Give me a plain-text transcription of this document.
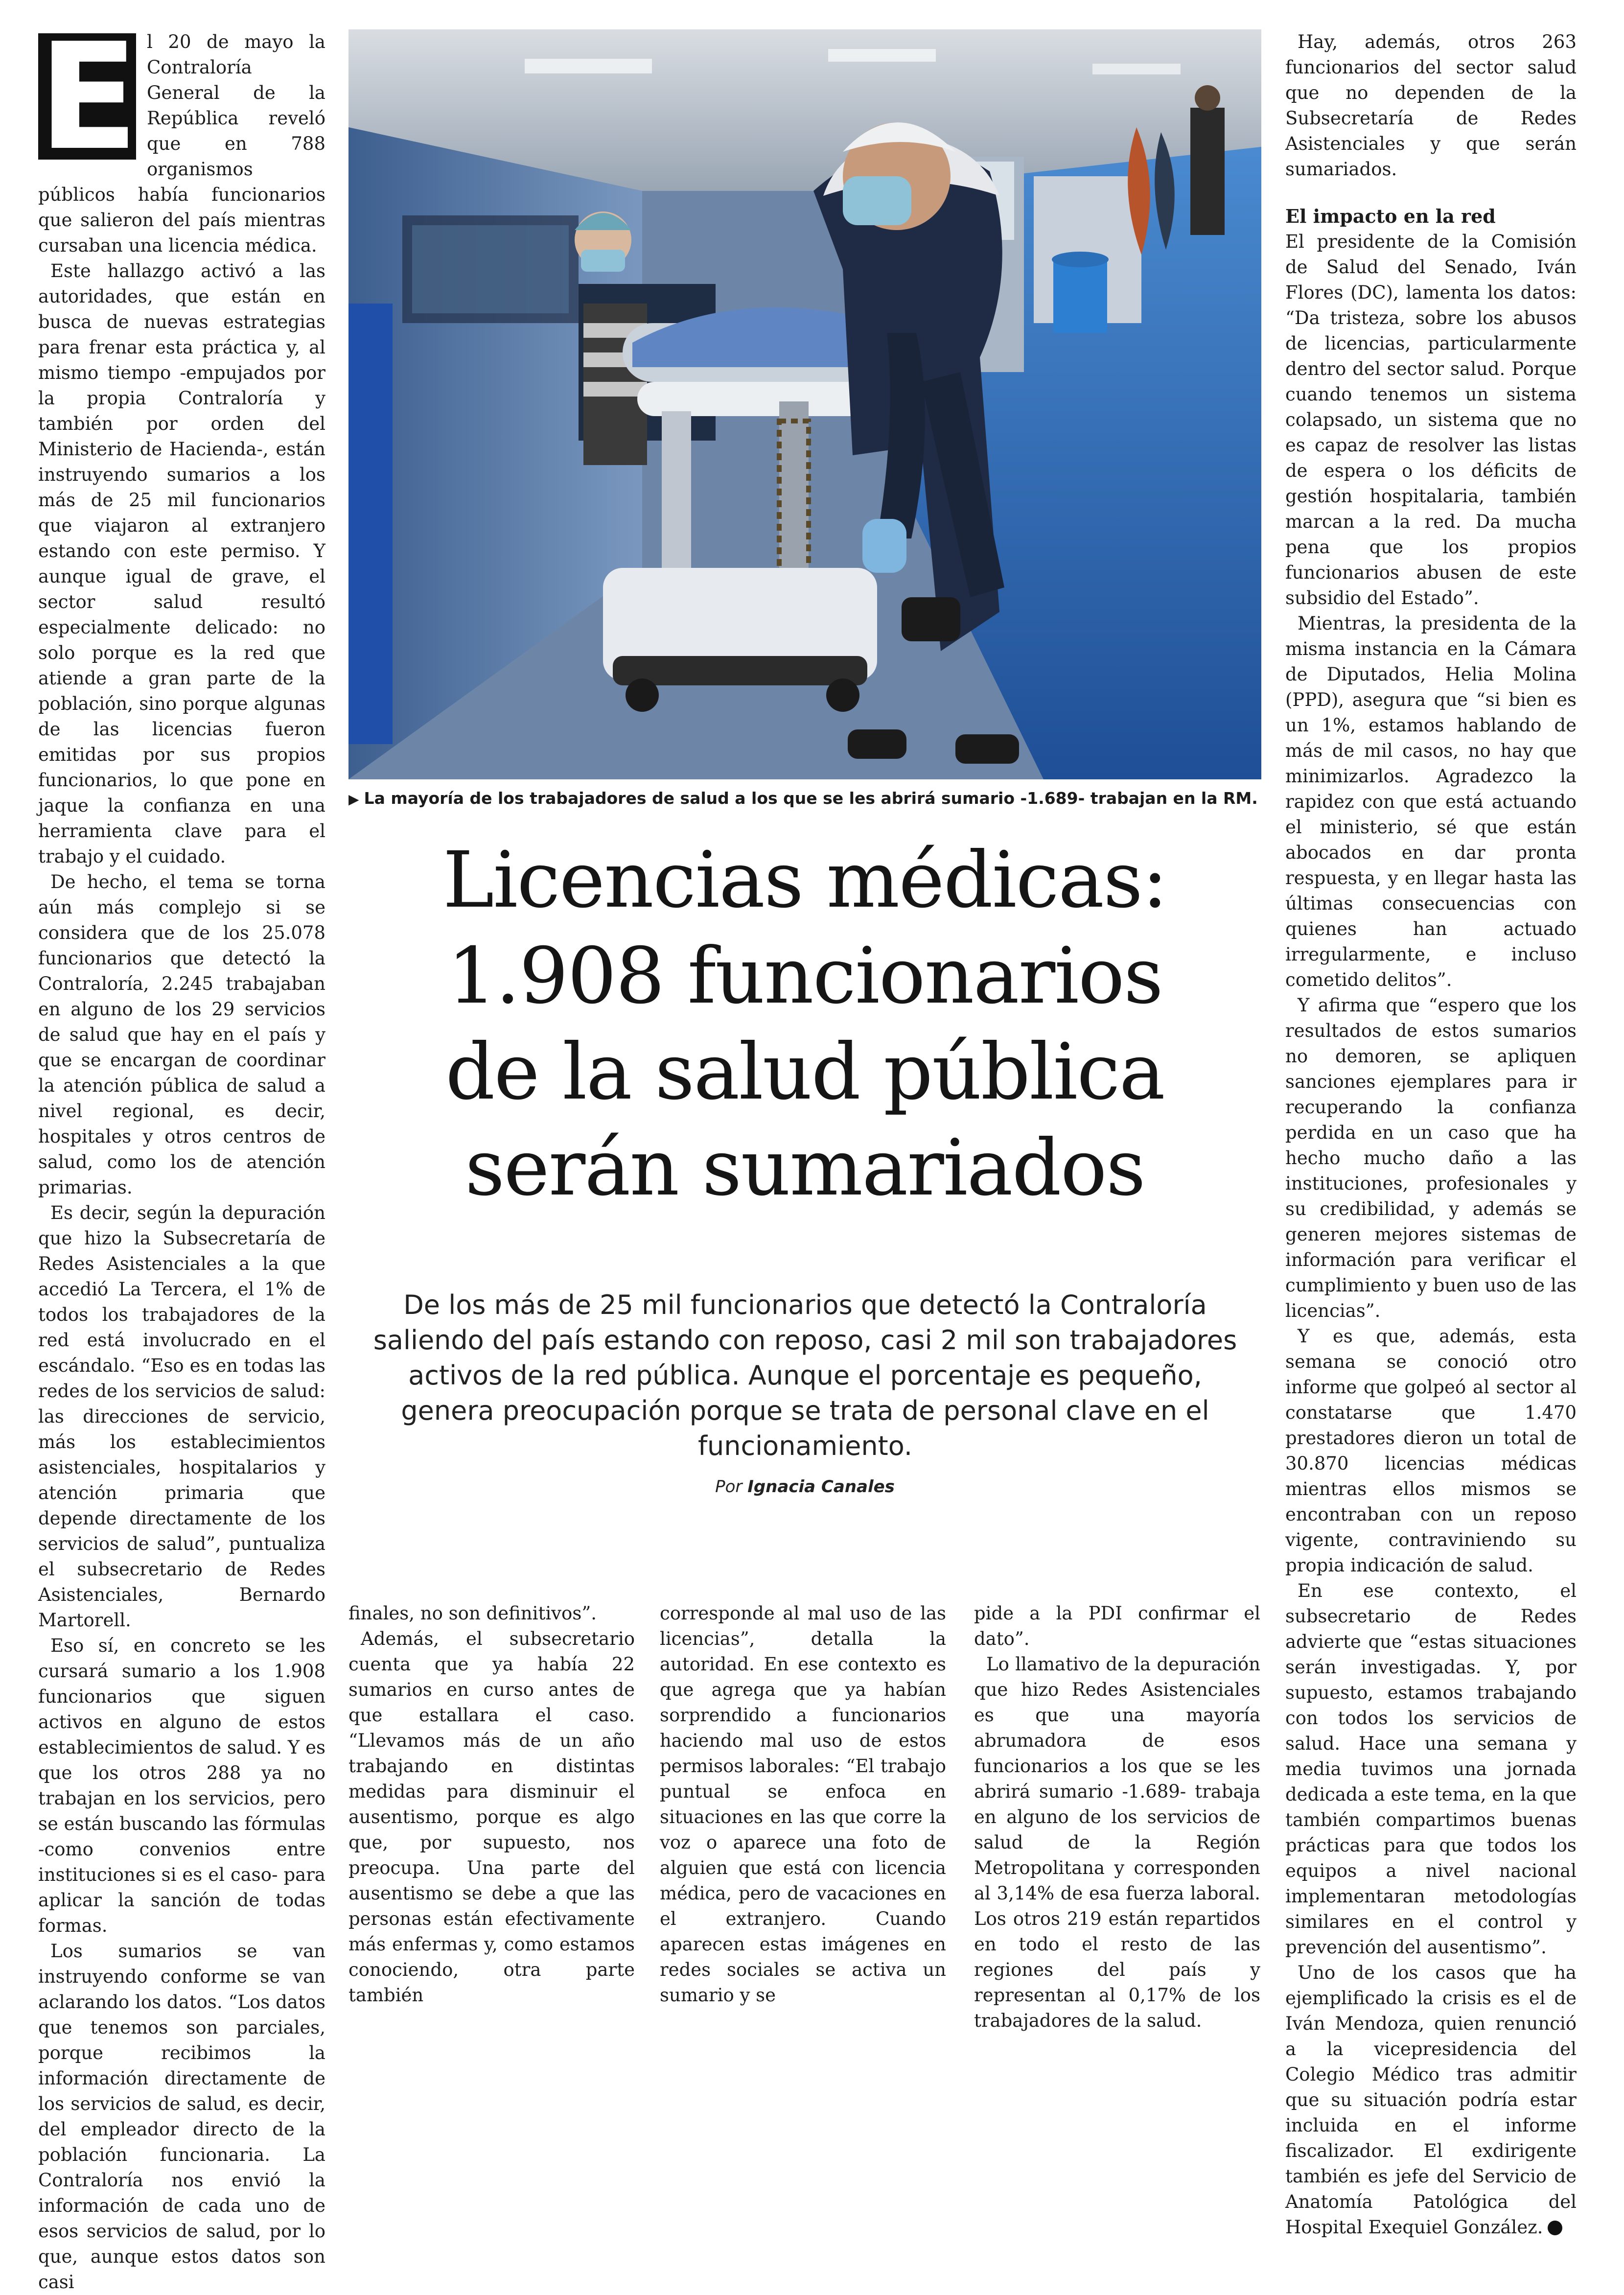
E l 20 de mayo la Contraloría General de la República reveló que en 788 organismos públicos había funcionarios que salieron del país mientras cursaban una licencia médica.

Este hallazgo activó a las autoridades, que están en busca de nuevas estrategias para frenar esta práctica y, al mismo tiempo -empujados por la propia Contraloría y también por orden del Ministerio de Hacienda-, están instruyendo sumarios a los más de 25 mil funcionarios que viajaron al extranjero estando con este permiso. Y aunque igual de grave, el sector salud resultó especialmente delicado: no solo porque es la red que atiende a gran parte de la población, sino porque algunas de las licencias fueron emitidas por sus propios funcionarios, lo que pone en jaque la confianza en una herramienta clave para el trabajo y el cuidado.

De hecho, el tema se torna aún más complejo si se considera que de los 25.078 funcionarios que detectó la Contraloría, 2.245 trabajaban en alguno de los 29 servicios de salud que hay en el país y que se encargan de coordinar la atención pública de salud a nivel regional, es decir, hospitales y otros centros de salud, como los de atención primarias.

Es decir, según la depuración que hizo la Subsecretaría de Redes Asistenciales a la que accedió La Tercera, el 1% de todos los trabajadores de la red está involucrado en el escándalo. “Eso es en todas las redes de los servicios de salud: las direcciones de servicio, más los establecimientos asistenciales, hospitalarios y atención primaria que depende directamente de los servicios de salud”, puntualiza el subsecretario de Redes Asistenciales, Bernardo Martorell.

Eso sí, en concreto se les cursará sumario a los 1.908 funcionarios que siguen activos en alguno de estos establecimientos de salud. Y es que los otros 288 ya no trabajan en los servicios, pero se están buscando las fórmulas -como convenios entre instituciones si es el caso- para aplicar la sanción de todas formas.

Los sumarios se van instruyendo conforme se van aclarando los datos. “Los datos que tenemos son parciales, porque recibimos la información directamente de los servicios de salud, es decir, del empleador directo de la población funcionaria. La Contraloría nos envió la información de cada uno de esos servicios de salud, por lo que, aunque estos datos son casi

▶ La mayoría de los trabajadores de salud a los que se les abrirá sumario -1.689- trabajan en la RM.
Licencias médicas:
1.908 funcionarios
de la salud pública
serán sumariados
De los más de 25 mil funcionarios que detectó la Contraloría
saliendo del país estando con reposo, casi 2 mil son trabajadores
activos de la red pública. Aunque el porcentaje es pequeño,
genera preocupación porque se trata de personal clave en el
funcionamiento.
Por Ignacia Canales

finales, no son definitivos”.

Además, el subsecretario cuenta que ya había 22 sumarios en curso antes de que estallara el caso. “Llevamos más de un año trabajando en distintas medidas para disminuir el ausentismo, porque es algo que, por supuesto, nos preocupa. Una parte del ausentismo se debe a que las personas están efectivamente más enfermas y, como estamos conociendo, otra parte también

corresponde al mal uso de las licencias”, detalla la autoridad. En ese contexto es que agrega que ya habían sorprendido a funcionarios haciendo mal uso de estos permisos laborales: “El trabajo puntual se enfoca en situaciones en las que corre la voz o aparece una foto de alguien que está con licencia médica, pero de vacaciones en el extranjero. Cuando aparecen estas imágenes en redes sociales se activa un sumario y se

pide a la PDI confirmar el dato”.

Lo llamativo de la depuración que hizo Redes Asistenciales es que una mayoría abrumadora de esos funcionarios a los que se les abrirá sumario -1.689- trabaja en alguno de los servicios de salud de la Región Metropolitana y corresponden al 3,14% de esa fuerza laboral. Los otros 219 están repartidos en todo el resto de las regiones del país y representan al 0,17% de los trabajadores de la salud.

Hay, además, otros 263 funcionarios del sector salud que no dependen de la Subsecretaría de Redes Asistenciales y que serán sumariados.

El impacto en la red

El presidente de la Comisión de Salud del Senado, Iván Flores (DC), lamenta los datos: “Da tristeza, sobre los abusos de licencias, particularmente dentro del sector salud. Porque cuando tenemos un sistema colapsado, un sistema que no es capaz de resolver las listas de espera o los déficits de gestión hospitalaria, también marcan a la red. Da mucha pena que los propios funcionarios abusen de este subsidio del Estado”.

Mientras, la presidenta de la misma instancia en la Cámara de Diputados, Helia Molina (PPD), asegura que “si bien es un 1%, estamos hablando de más de mil casos, no hay que minimizarlos. Agradezco la rapidez con que está actuando el ministerio, sé que están abocados en dar pronta respuesta, y en llegar hasta las últimas consecuencias con quienes han actuado irregularmente, e incluso cometido delitos”.

Y afirma que “espero que los resultados de estos sumarios no demoren, se apliquen sanciones ejemplares para ir recuperando la confianza perdida en un caso que ha hecho mucho daño a las instituciones, profesionales y su credibilidad, y además se generen mejores sistemas de información para verificar el cumplimiento y buen uso de las licencias”.

Y es que, además, esta semana se conoció otro informe que golpeó al sector al constatarse que 1.470 prestadores dieron un total de 30.870 licencias médicas mientras ellos mismos se encontraban con un reposo vigente, contraviniendo su propia indicación de salud.

En ese contexto, el subsecretario de Redes advierte que “estas situaciones serán investigadas. Y, por supuesto, estamos trabajando con todos los servicios de salud. Hace una semana y media tuvimos una jornada dedicada a este tema, en la que también compartimos buenas prácticas para que todos los equipos a nivel nacional implementaran metodologías similares en el control y prevención del ausentismo”.

Uno de los casos que ha ejemplificado la crisis es el de Iván Mendoza, quien renunció a la vicepresidencia del Colegio Médico tras admitir que su situación podría estar incluida en el informe fiscalizador. El exdirigente también es jefe del Servicio de Anatomía Patológica del Hospital Exequiel González.
